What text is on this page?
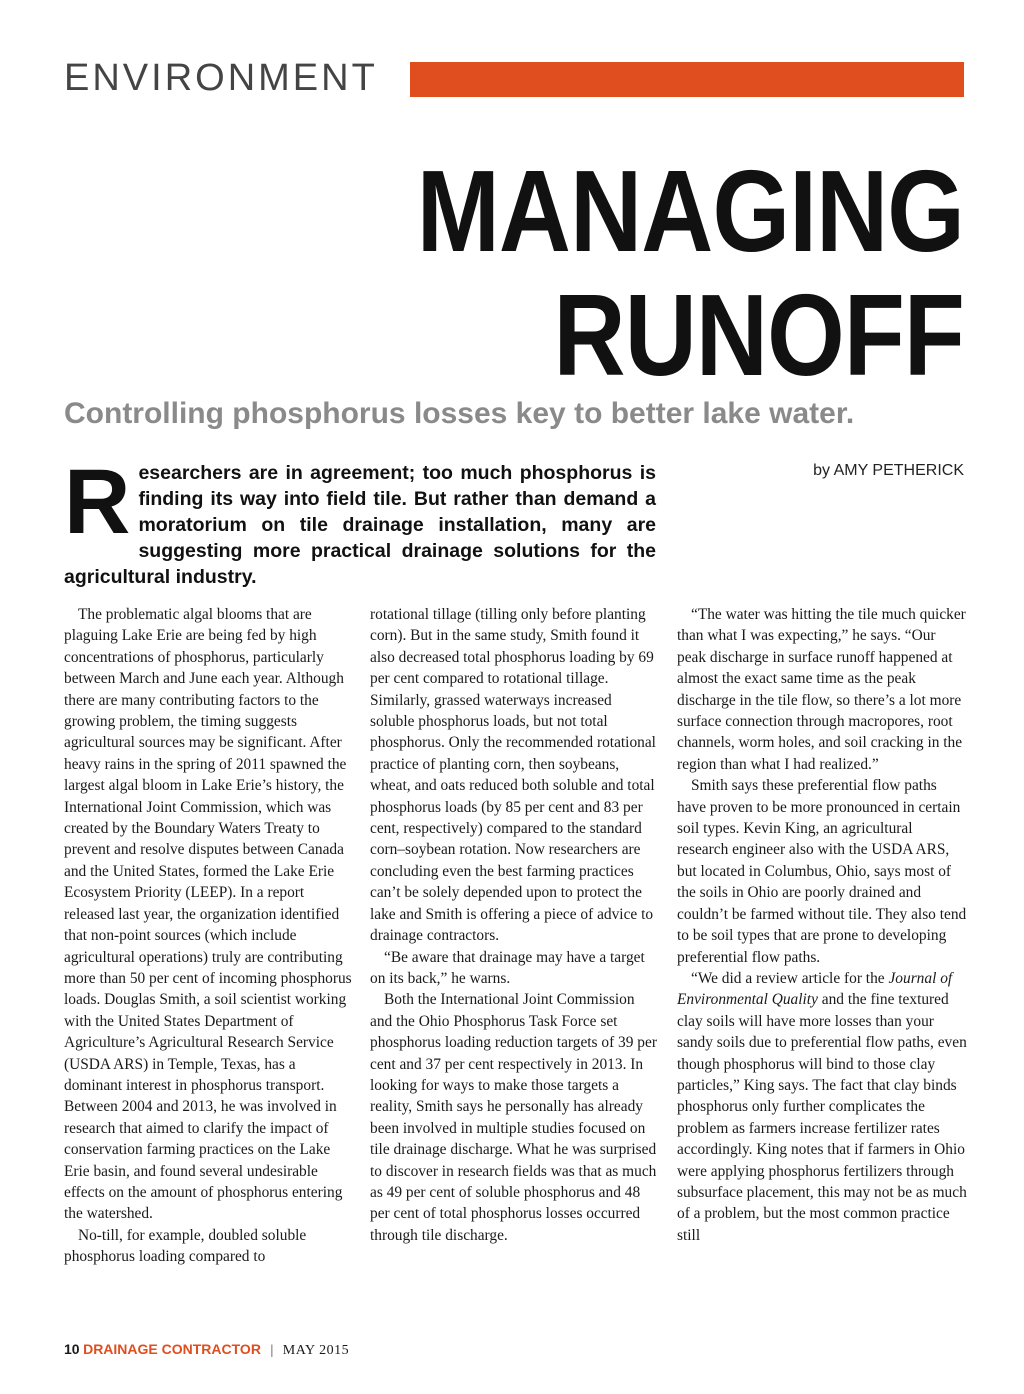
ENVIRONMENT
MANAGING
RUNOFF
Controlling phosphorus losses key to better lake water.
by AMY PETHERICK
R esearchers are in agreement; too much phosphorus is finding its way into field tile. But rather than demand a moratorium on tile drainage installation, many are suggesting more practical drainage solutions for the agricultural industry.

The problematic algal blooms that are plaguing Lake Erie are being fed by high concentrations of phosphorus, particularly between March and June each year. Although there are many contributing factors to the growing problem, the timing suggests agricultural sources may be significant. After heavy rains in the spring of 2011 spawned the largest algal bloom in Lake Erie’s history, the International Joint Commission, which was created by the Boundary Waters Treaty to prevent and resolve disputes between Canada and the United States, formed the Lake Erie Ecosystem Priority (LEEP). In a report released last year, the organization identified that non-point sources (which include agricultural operations) truly are contributing more than 50 per cent of incoming phosphorus loads. Douglas Smith, a soil scientist working with the United States Department of Agriculture’s Agricultural Research Service (USDA ARS) in Temple, Texas, has a dominant interest in phosphorus transport. Between 2004 and 2013, he was involved in research that aimed to clarify the impact of conservation farming practices on the Lake Erie basin, and found several undesirable effects on the amount of phosphorus entering the watershed.

No-till, for example, doubled soluble phosphorus loading compared to

rotational tillage (tilling only before planting corn). But in the same study, Smith found it also decreased total phosphorus loading by 69 per cent compared to rotational tillage. Similarly, grassed waterways increased soluble phosphorus loads, but not total phosphorus. Only the recommended rotational practice of planting corn, then soybeans, wheat, and oats reduced both soluble and total phosphorus loads (by 85 per cent and 83 per cent, respectively) compared to the standard corn–soybean rotation. Now researchers are concluding even the best farming practices can’t be solely depended upon to protect the lake and Smith is offering a piece of advice to drainage contractors.

“Be aware that drainage may have a target on its back,” he warns.

Both the International Joint Commission and the Ohio Phosphorus Task Force set phosphorus loading reduction targets of 39 per cent and 37 per cent respectively in 2013. In looking for ways to make those targets a reality, Smith says he personally has already been involved in multiple studies focused on tile drainage discharge. What he was surprised to discover in research fields was that as much as 49 per cent of soluble phosphorus and 48 per cent of total phosphorus losses occurred through tile discharge.

“The water was hitting the tile much quicker than what I was expecting,” he says. “Our peak discharge in surface runoff happened at almost the exact same time as the peak discharge in the tile flow, so there’s a lot more surface connection through macropores, root channels, worm holes, and soil cracking in the region than what I had realized.”

Smith says these preferential flow paths have proven to be more pronounced in certain soil types. Kevin King, an agricultural research engineer also with the USDA ARS, but located in Columbus, Ohio, says most of the soils in Ohio are poorly drained and couldn’t be farmed without tile. They also tend to be soil types that are prone to developing preferential flow paths.

“We did a review article for the Journal of Environmental Quality and the fine textured clay soils will have more losses than your sandy soils due to preferential flow paths, even though phosphorus will bind to those clay particles,” King says. The fact that clay binds phosphorus only further complicates the problem as farmers increase fertilizer rates accordingly. King notes that if farmers in Ohio were applying phosphorus fertilizers through subsurface placement, this may not be as much of a problem, but the most common practice still

10 DRAINAGE CONTRACTOR | MAY 2015
